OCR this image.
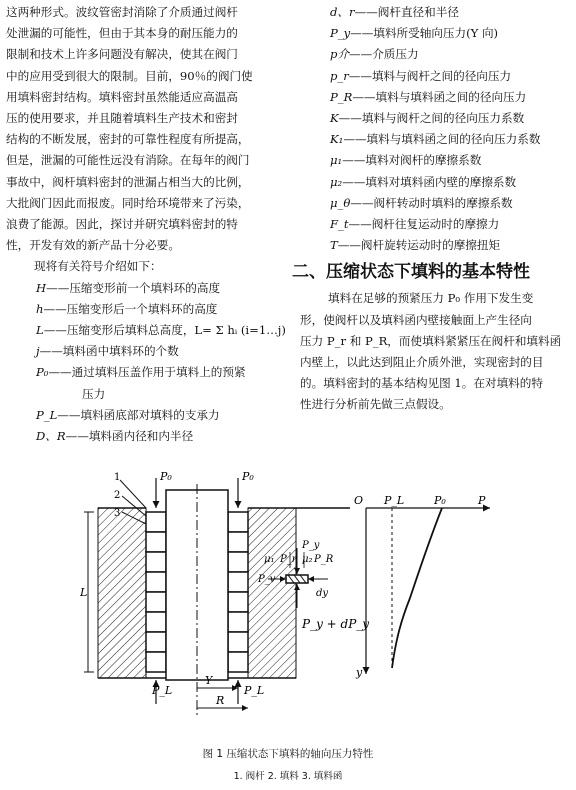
这两种形式。波纹管密封消除了介质通过阀杆
处泄漏的可能性，但由于其本身的耐压能力的
限制和技术上许多问题没有解决，使其在阀门
中的应用受到很大的限制。目前，90％的阀门使
用填料密封结构。填料密封虽然能适应高温高
压的使用要求，并且随着填料生产技术和密封
结构的不断发展，密封的可靠性程度有所提高，
但是，泄漏的可能性远没有消除。在每年的阀门
事故中，阀杆填料密封的泄漏占相当大的比例，
大批阀门因此而报废。同时给环境带来了污染，
浪费了能源。因此，探讨并研究填料密封的特
性，开发有效的新产品十分必要。
现将有关符号介绍如下：
H——压缩变形前一个填料环的高度
h——压缩变形后一个填料环的高度
L——压缩变形后填料总高度，L= Σ hᵢ (i=1…j)
j——填料函中填料环的个数
P₀——通过填料压盖作用于填料上的预紧
压力
P_L——填料函底部对填料的支承力
D、R——填料函内径和内半径
d、r——阀杆直径和半径
P_y——填料所受轴向压力(Y 向)
p介——介质压力
p_r——填料与阀杆之间的径向压力
P_R——填料与填料函之间的径向压力
K——填料与阀杆之间的径向压力系数
K₁——填料与填料函之间的径向压力系数
μ₁——填料对阀杆的摩擦系数
μ₂——填料对填料函内壁的摩擦系数
μ_θ——阀杆转动时填料的摩擦系数
F_t——阀杆往复运动时的摩擦力
T——阀杆旋转运动时的摩擦扭矩
二、压缩状态下填料的基本特性
填料在足够的预紧压力 P₀ 作用下发生变
形，使阀杆以及填料函内壁接触面上产生径向
压力 P_r 和 P_R，而使填料紧紧压在阀杆和填料函
内壁上，以此达到阻止介质外泄，实现密封的目
的。填料密封的基本结构见图 1。在对填料的特
性进行分析前先做三点假设。
P₀	P₀
1
2
3
L
Y
R
P_L	P_L
μ₁ P_r μ₂ P_R
P_v
P_y
dy
P_y + dP_y
O P_L	P₀	P
y
图 1 压缩状态下填料的轴向压力特性
1. 阀杆 2. 填料 3. 填料函
